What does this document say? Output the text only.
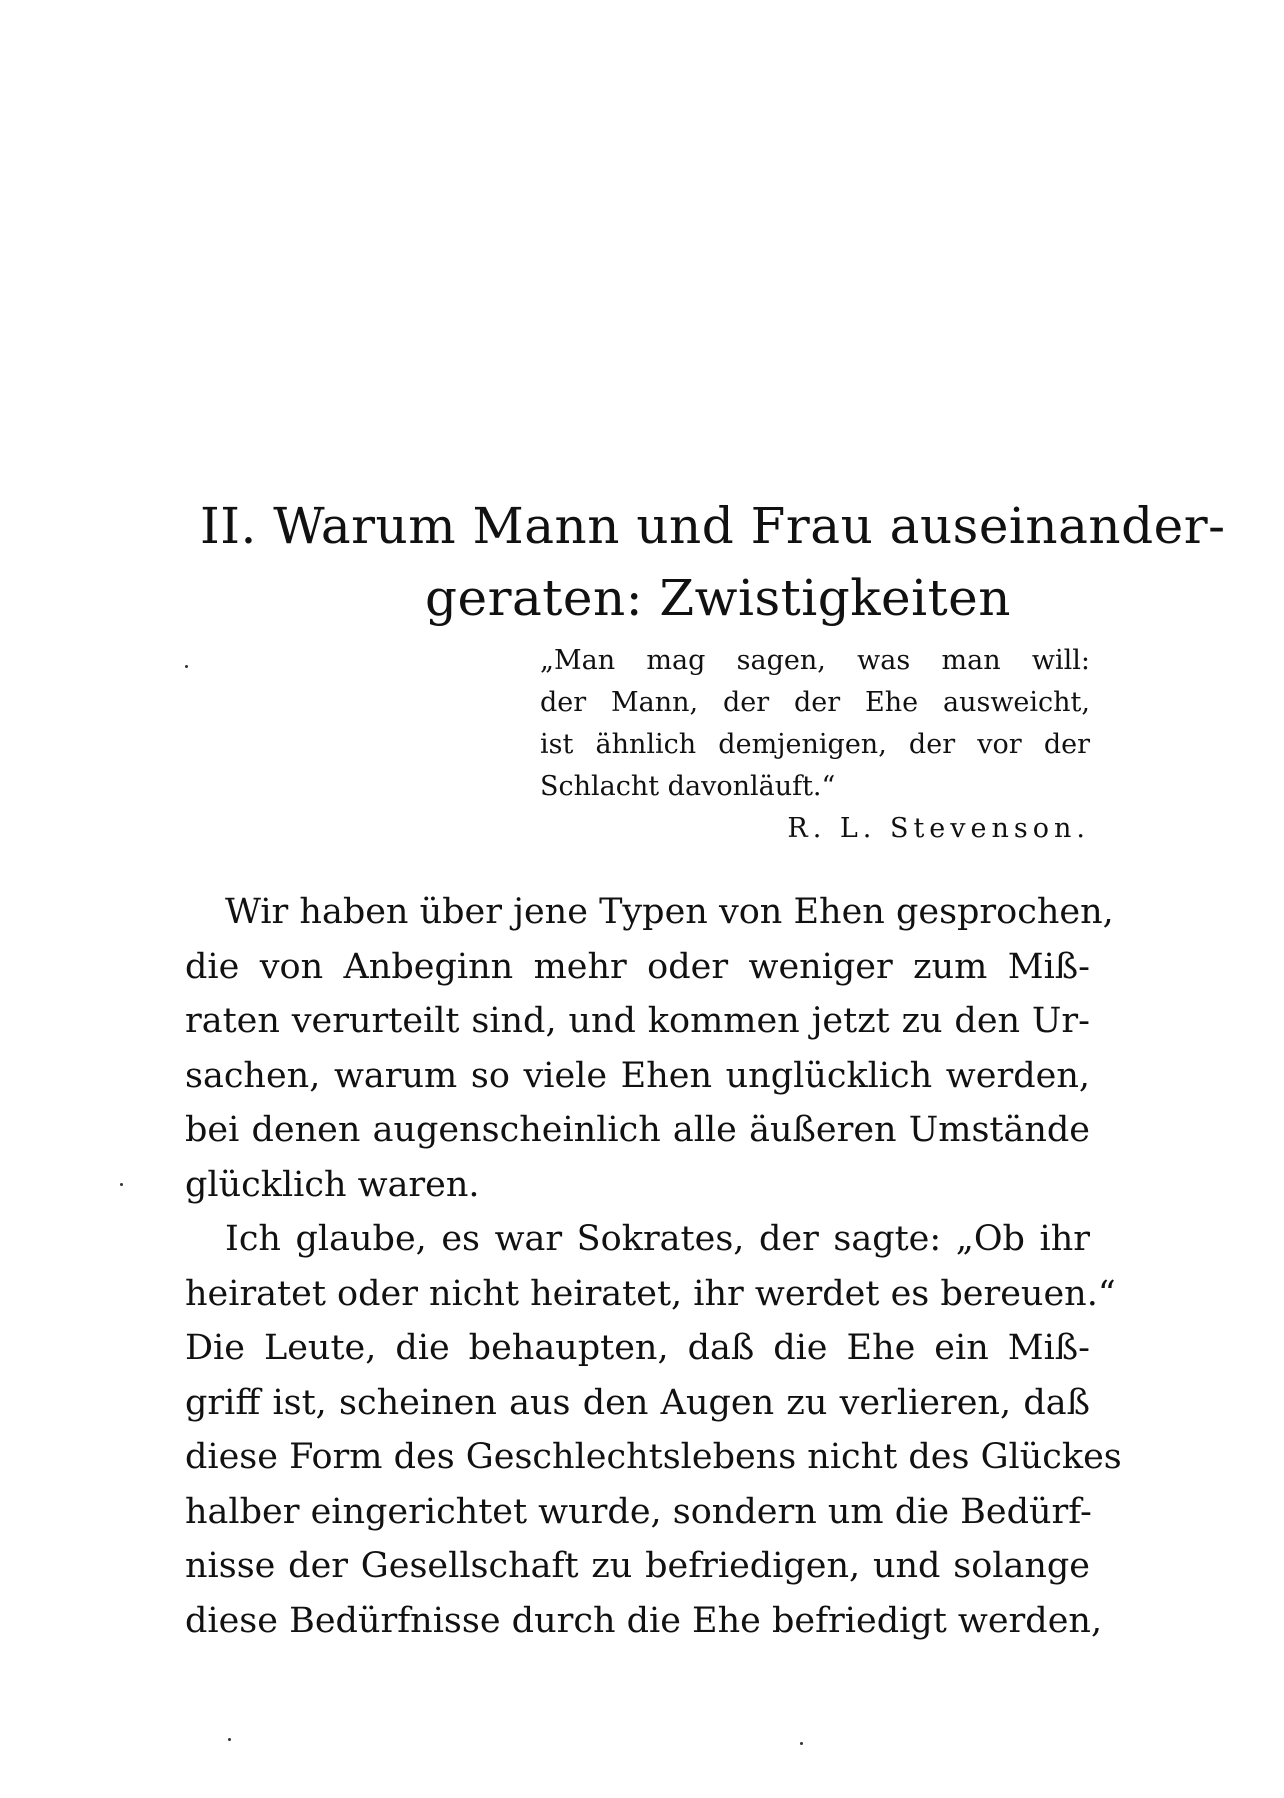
II. Warum Mann und Frau auseinander-
geraten: Zwistigkeiten
„Man mag sagen, was man will:
der Mann, der der Ehe ausweicht,
ist ähnlich demjenigen, der vor der
Schlacht davonläuft.“
R. L. Stevenson.
Wir haben über jene Typen von Ehen gesprochen,
die von Anbeginn mehr oder weniger zum Miß-
raten verurteilt sind, und kommen jetzt zu den Ur-
sachen, warum so viele Ehen unglücklich werden,
bei denen augenscheinlich alle äußeren Umstände
glücklich waren.
Ich glaube, es war Sokrates, der sagte: „Ob ihr
heiratet oder nicht heiratet, ihr werdet es bereuen.“
Die Leute, die behaupten, daß die Ehe ein Miß-
griff ist, scheinen aus den Augen zu verlieren, daß
diese Form des Geschlechtslebens nicht des Glückes
halber eingerichtet wurde, sondern um die Bedürf-
nisse der Gesellschaft zu befriedigen, und solange
diese Bedürfnisse durch die Ehe befriedigt werden,
